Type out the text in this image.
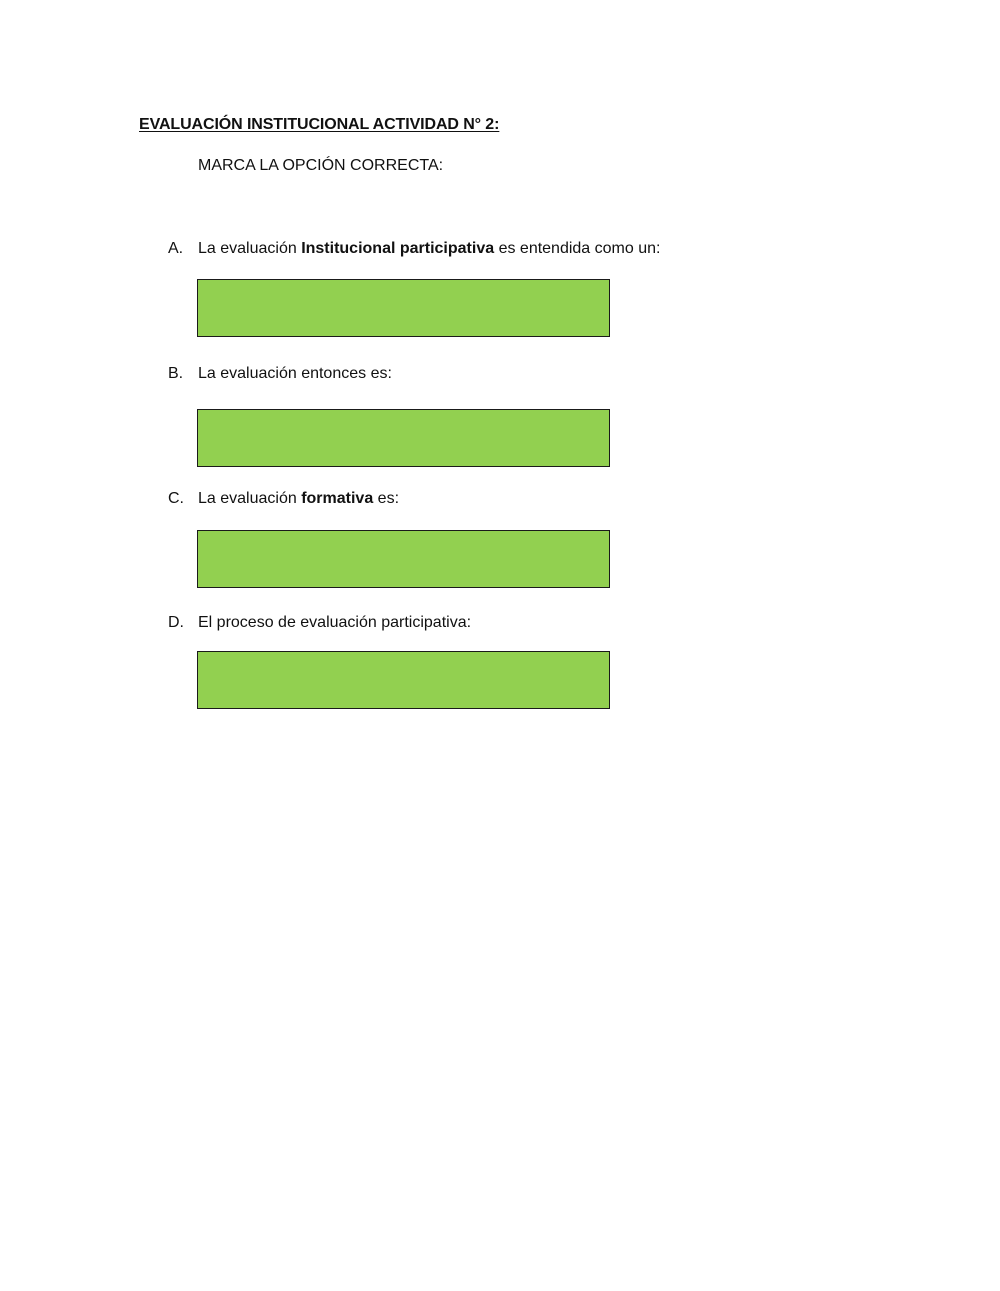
EVALUACIÓN INSTITUCIONAL ACTIVIDAD N° 2:
MARCA LA OPCIÓN CORRECTA:
A. La evaluación Institucional participativa es entendida como un:
B. La evaluación entonces es:
C. La evaluación formativa es:
D. El proceso de evaluación participativa:
